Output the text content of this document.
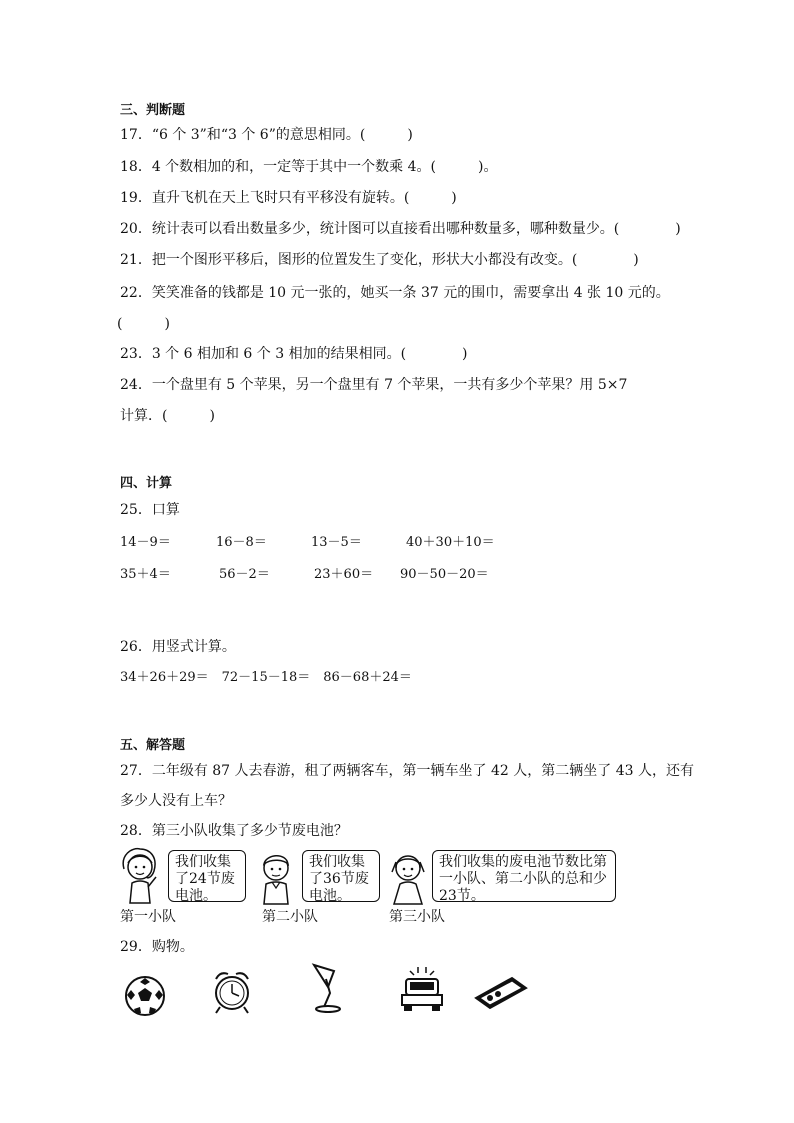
三、判断题
17．“6 个 3”和“3 个 6”的意思相同。(　　　)
18．4 个数相加的和，一定等于其中一个数乘 4。(　　　)。
19．直升飞机在天上飞时只有平移没有旋转。(　　　)
20．统计表可以看出数量多少，统计图可以直接看出哪种数量多，哪种数量少。(　　　　)
21．把一个图形平移后，图形的位置发生了变化，形状大小都没有改变。(　　　　)
22．笑笑准备的钱都是 10 元一张的，她买一条 37 元的围巾，需要拿出 4 张 10 元的。
(　　　)
23．3 个 6 相加和 6 个 3 相加的结果相同。(　　　　)
24．一个盘里有 5 个苹果，另一个盘里有 7 个苹果，一共有多少个苹果？用 5×7
计算．(　　　)
四、计算
25．口算
14－9＝	16－8＝	13－5＝	40＋30＋10＝
35＋4＝	56－2＝	23＋60＝ 90－50－20＝
26．用竖式计算。
34＋26＋29＝　72－15－18＝　86－68＋24＝
五、解答题
27．二年级有 87 人去春游，租了两辆客车，第一辆车坐了 42 人，第二辆坐了 43 人，还有
多少人没有上车？
28．第三小队收集了多少节废电池？
我们收集了24节废电池。
我们收集了36节废电池。
我们收集的废电池节数比第一小队、第二小队的总和少23节。
第一小队	第二小队	第三小队
29．购物。
